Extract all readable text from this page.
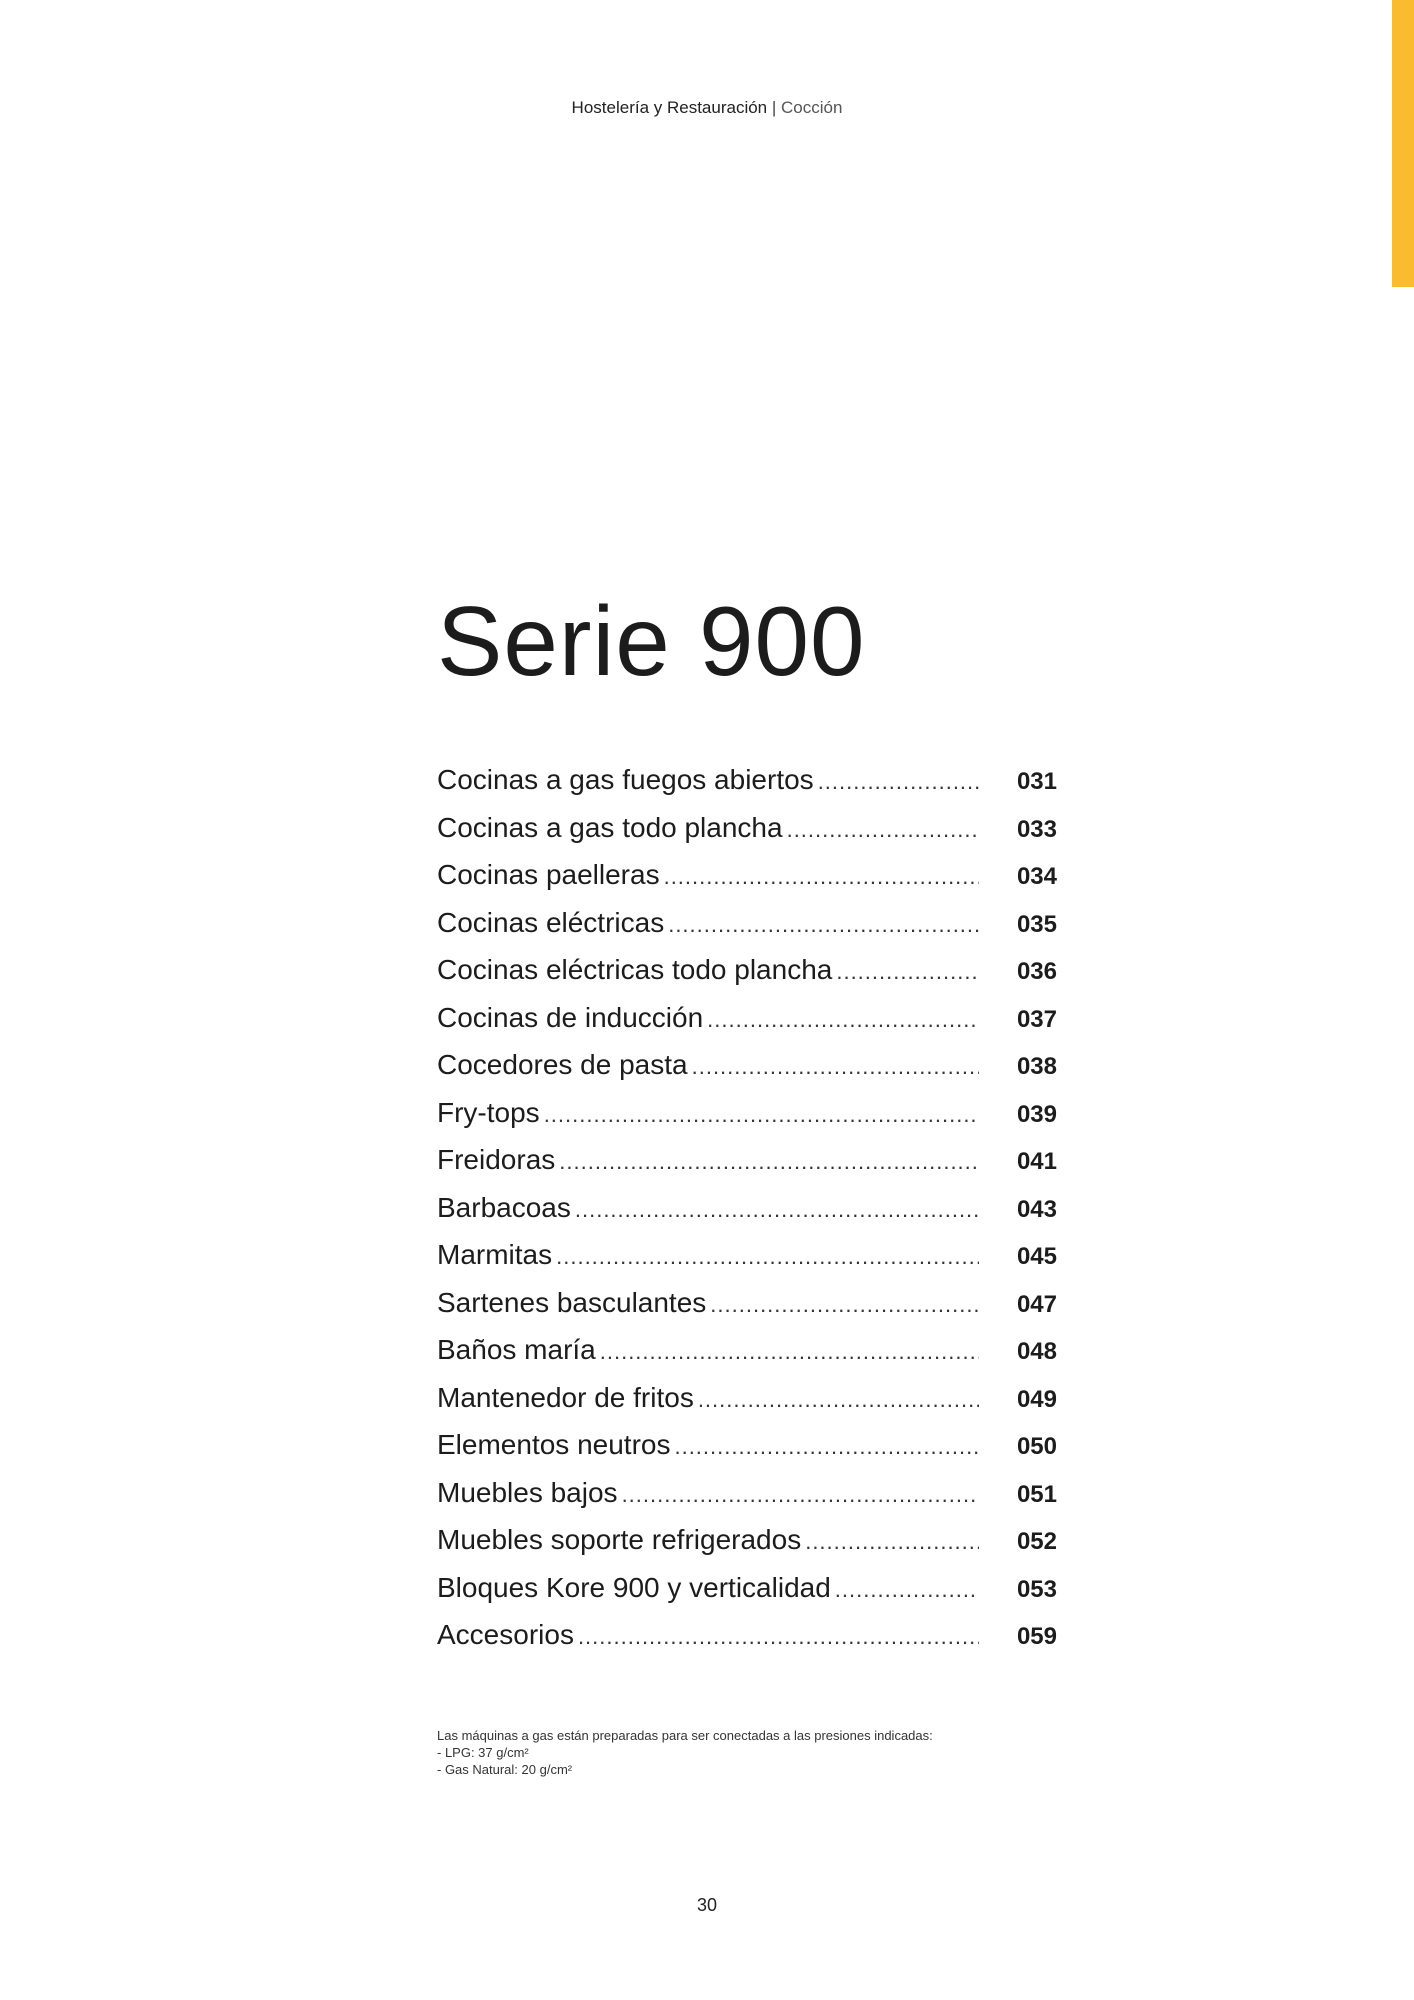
Hostelería y Restauración | Cocción
Serie 900
Cocinas a gas fuegos abiertos .....	031
Cocinas a gas todo plancha .....	033
Cocinas paelleras .....	034
Cocinas eléctricas .....	035
Cocinas eléctricas todo plancha .....	036
Cocinas de inducción .....	037
Cocedores de pasta .....	038
Fry-tops .....	039
Freidoras .....	041
Barbacoas .....	043
Marmitas .....	045
Sartenes basculantes .....	047
Baños maría .....	048
Mantenedor de fritos .....	049
Elementos neutros .....	050
Muebles bajos .....	051
Muebles soporte refrigerados .....	052
Bloques Kore 900 y verticalidad .....	053
Accesorios .....	059
Las máquinas a gas están preparadas para ser conectadas a las presiones indicadas:
- LPG: 37 g/cm²
- Gas Natural: 20 g/cm²
30
